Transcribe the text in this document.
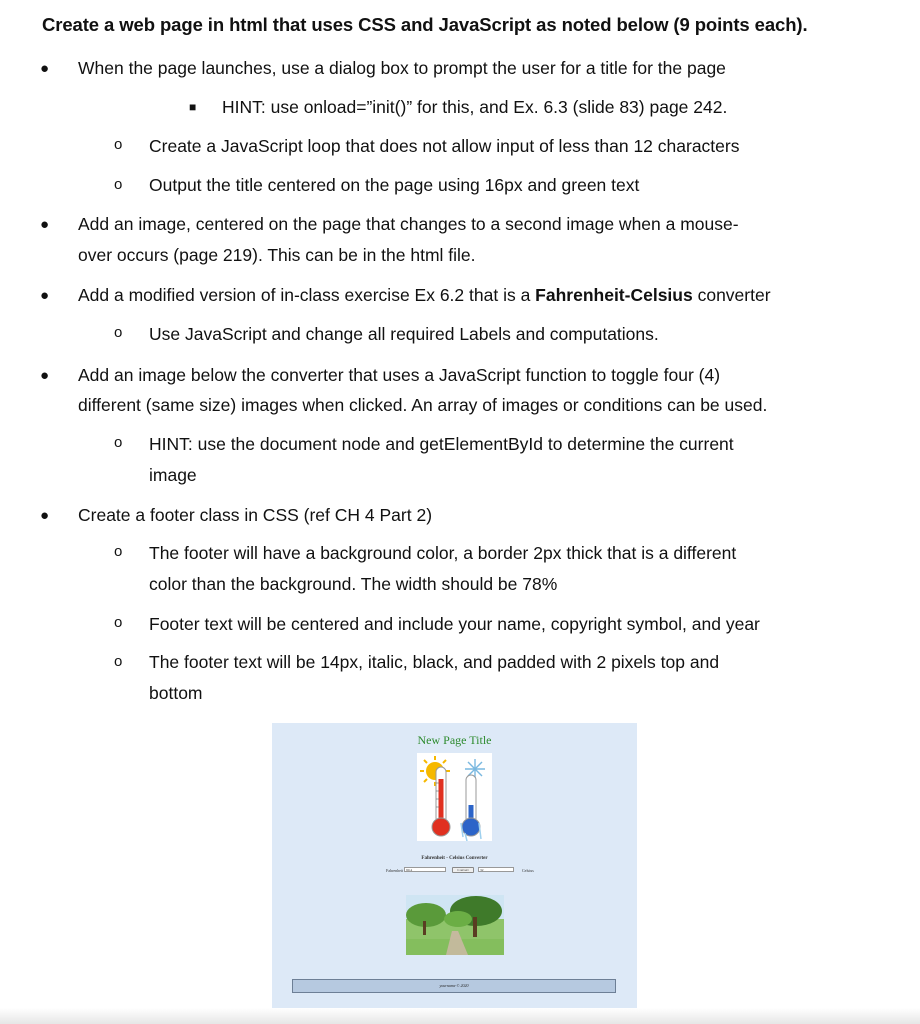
Create a web page in html that uses CSS and JavaScript as noted below (9 points each).
● When the page launches, use a dialog box to prompt the user for a title for the page
■ HINT: use onload=”init()” for this, and Ex. 6.3 (slide 83) page 242.
o Create a JavaScript loop that does not allow input of less than 12 characters
o Output the title centered on the page using 16px and green text
● Add an image, centered on the page that changes to a second image when a mouse-
over occurs (page 219). This can be in the html file.
● Add a modified version of in-class exercise Ex 6.2 that is a Fahrenheit-Celsius converter
o Use JavaScript and change all required Labels and computations.
● Add an image below the converter that uses a JavaScript function to toggle four (4)
different (same size) images when clicked. An array of images or conditions can be used.
o HINT: use the document node and getElementById to determine the current
image
● Create a footer class in CSS (ref CH 4 Part 2)
o The footer will have a background color, a border 2px thick that is a different
color than the background. The width should be 78%
o Footer text will be centered and include your name, copyright symbol, and year
o The footer text will be 14px, italic, black, and padded with 2 pixels top and
bottom
New Page Title
Fahrenheit - Celsius Converter
Fahrenheit 90.4	Convert	32	Celsius
yourname © 2020
